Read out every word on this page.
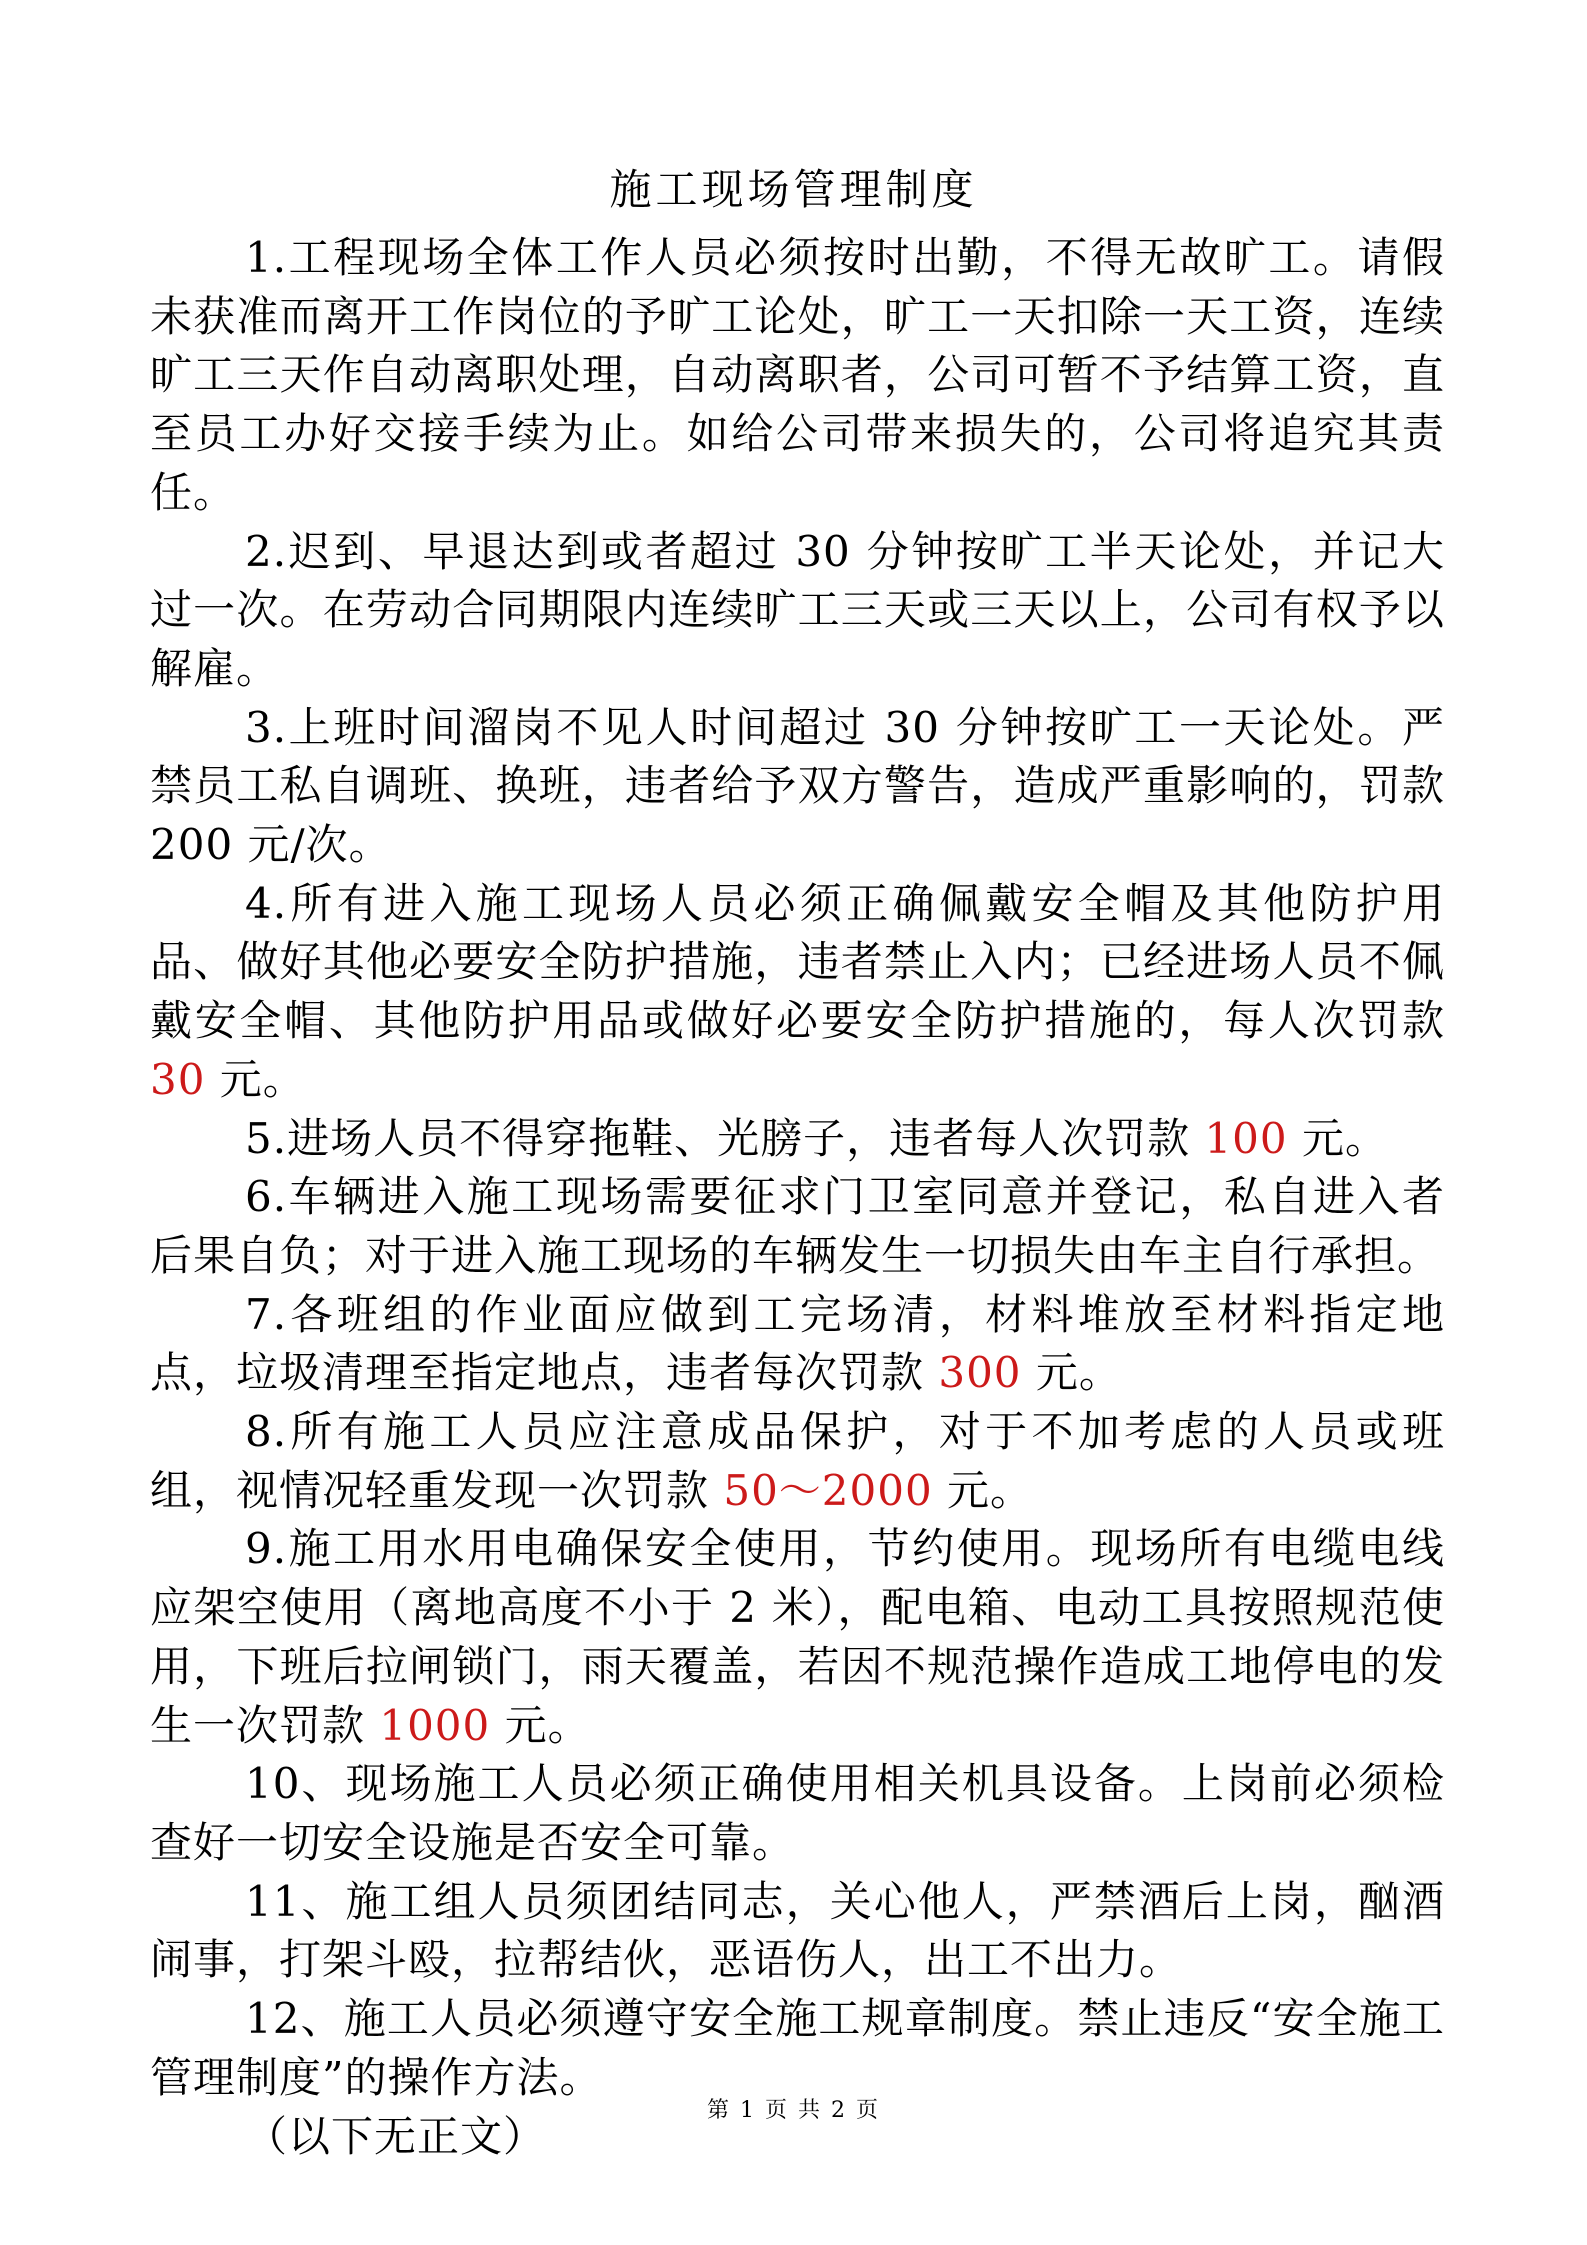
施工现场管理制度

1.工程现场全体工作人员必须按时出勤，不得无故旷工。请假未获准而离开工作岗位的予旷工论处，旷工一天扣除一天工资，连续旷工三天作自动离职处理，自动离职者，公司可暂不予结算工资，直至员工办好交接手续为止。如给公司带来损失的，公司将追究其责任。

2.迟到、早退达到或者超过 30 分钟按旷工半天论处，并记大过一次。在劳动合同期限内连续旷工三天或三天以上，公司有权予以解雇。

3.上班时间溜岗不见人时间超过 30 分钟按旷工一天论处。严禁员工私自调班、换班，违者给予双方警告，造成严重影响的，罚款 200 元/次。

4.所有进入施工现场人员必须正确佩戴安全帽及其他防护用品、做好其他必要安全防护措施，违者禁止入内；已经进场人员不佩戴安全帽、其他防护用品或做好必要安全防护措施的，每人次罚款 30 元。

5.进场人员不得穿拖鞋、光膀子，违者每人次罚款 100 元。

6.车辆进入施工现场需要征求门卫室同意并登记，私自进入者后果自负；对于进入施工现场的车辆发生一切损失由车主自行承担。

7.各班组的作业面应做到工完场清，材料堆放至材料指定地点，垃圾清理至指定地点，违者每次罚款 300 元。

8.所有施工人员应注意成品保护，对于不加考虑的人员或班组，视情况轻重发现一次罚款 50～2000 元。

9.施工用水用电确保安全使用，节约使用。现场所有电缆电线应架空使用（离地高度不小于 2 米），配电箱、电动工具按照规范使用，下班后拉闸锁门，雨天覆盖，若因不规范操作造成工地停电的发生一次罚款 1000 元。

10、现场施工人员必须正确使用相关机具设备。上岗前必须检查好一切安全设施是否安全可靠。

11、施工组人员须团结同志，关心他人，严禁酒后上岗，酗酒闹事，打架斗殴，拉帮结伙，恶语伤人，出工不出力。

12、施工人员必须遵守安全施工规章制度。禁止违反“安全施工管理制度”的操作方法。

（以下无正文）

第 1 页 共 2 页
